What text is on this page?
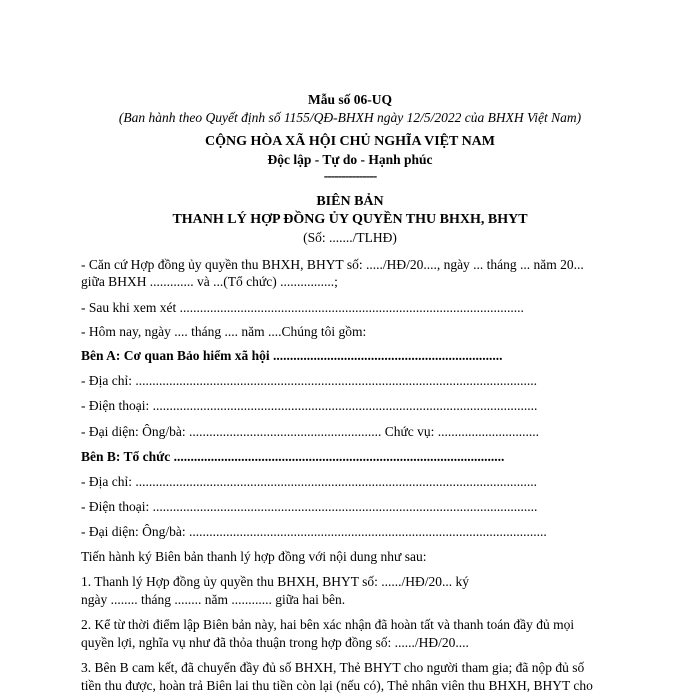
Mẫu số 06-UQ
(Ban hành theo Quyết định số 1155/QĐ-BHXH ngày 12/5/2022 của BHXH Việt Nam)
CỘNG HÒA XÃ HỘI CHỦ NGHĨA VIỆT NAM
Độc lập - Tự do - Hạnh phúc
---------------
BIÊN BẢN
THANH LÝ HỢP ĐỒNG ỦY QUYỀN THU BHXH, BHYT
(Số: ......./TLHĐ)
- Căn cứ Hợp đồng ủy quyền thu BHXH, BHYT số: ...../HĐ/20...., ngày ... tháng ... năm 20...
giữa BHXH ............. và ...(Tổ chức) ................;
- Sau khi xem xét ......................................................................................................
- Hôm nay, ngày .... tháng .... năm ....Chúng tôi gồm:
Bên A: Cơ quan Bảo hiểm xã hội ....................................................................
- Địa chỉ: .......................................................................................................................
- Điện thoại: ..................................................................................................................
- Đại diện: Ông/bà: ......................................................... Chức vụ: ..............................
Bên B: Tổ chức ..................................................................................................
- Địa chỉ: .......................................................................................................................
- Điện thoại: ..................................................................................................................
- Đại diện: Ông/bà: ..........................................................................................................
Tiến hành ký Biên bản thanh lý hợp đồng với nội dung như sau:
1. Thanh lý Hợp đồng ủy quyền thu BHXH, BHYT số: ....../HĐ/20... ký
ngày ........ tháng ........ năm ............ giữa hai bên.
2. Kể từ thời điểm lập Biên bản này, hai bên xác nhận đã hoàn tất và thanh toán đầy đủ mọi
quyền lợi, nghĩa vụ như đã thỏa thuận trong hợp đồng số: ....../HĐ/20....
3. Bên B cam kết, đã chuyển đầy đủ số BHXH, Thẻ BHYT cho người tham gia; đã nộp đủ số
tiền thu được, hoàn trả Biên lai thu tiền còn lại (nếu có), Thẻ nhân viên thu BHXH, BHYT cho
